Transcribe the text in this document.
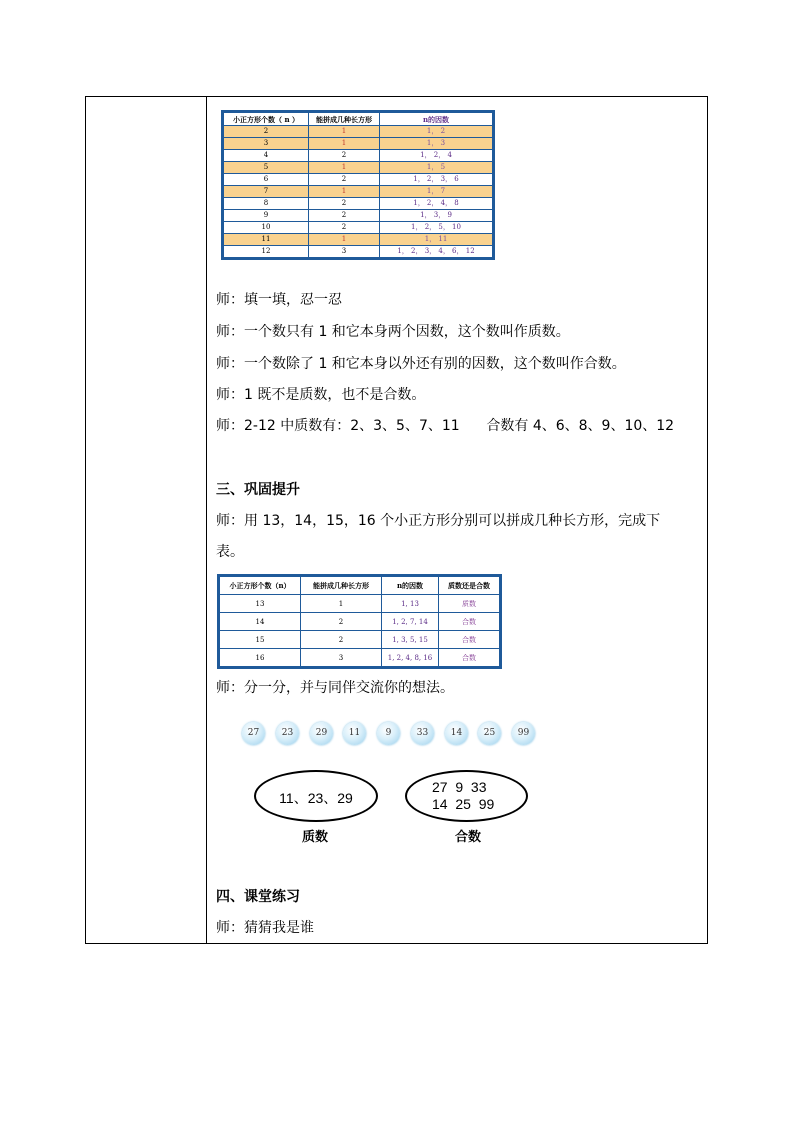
小正方形个数（ n ）	能拼成几种长方形	n的因数
2	1	1， 2
3	1	1， 3
4	2	1， 2， 4
5	1	1， 5
6	2	1， 2， 3， 6
7	1	1， 7
8	2	1， 2， 4， 8
9	2	1， 3， 9
10	2	1， 2， 5， 10
11	1	1， 11
12	3	1， 2， 3， 4， 6， 12
师：填一填，忍一忍
师：一个数只有 1 和它本身两个因数，这个数叫作质数。
师：一个数除了 1 和它本身以外还有别的因数，这个数叫作合数。
师：1 既不是质数，也不是合数。
师：2-12 中质数有：2、3、5、7、11      合数有 4、6、8、9、10、12
三、巩固提升
师：用 13，14，15，16 个小正方形分别可以拼成几种长方形，完成下
表。
小正方形个数（n）	能拼成几种长方形	n的因数	质数还是合数
13	1	1, 13	质数
14	2	1, 2, 7, 14	合数
15	2	1, 3, 5, 15	合数
16	3	1, 2, 4, 8, 16	合数
师：分一分，并与同伴交流你的想法。
27	23	29	11	9	33	14	25	99
11、23、29
质数
27  9  33
14  25  99
合数
四、课堂练习
师：猜猜我是谁
